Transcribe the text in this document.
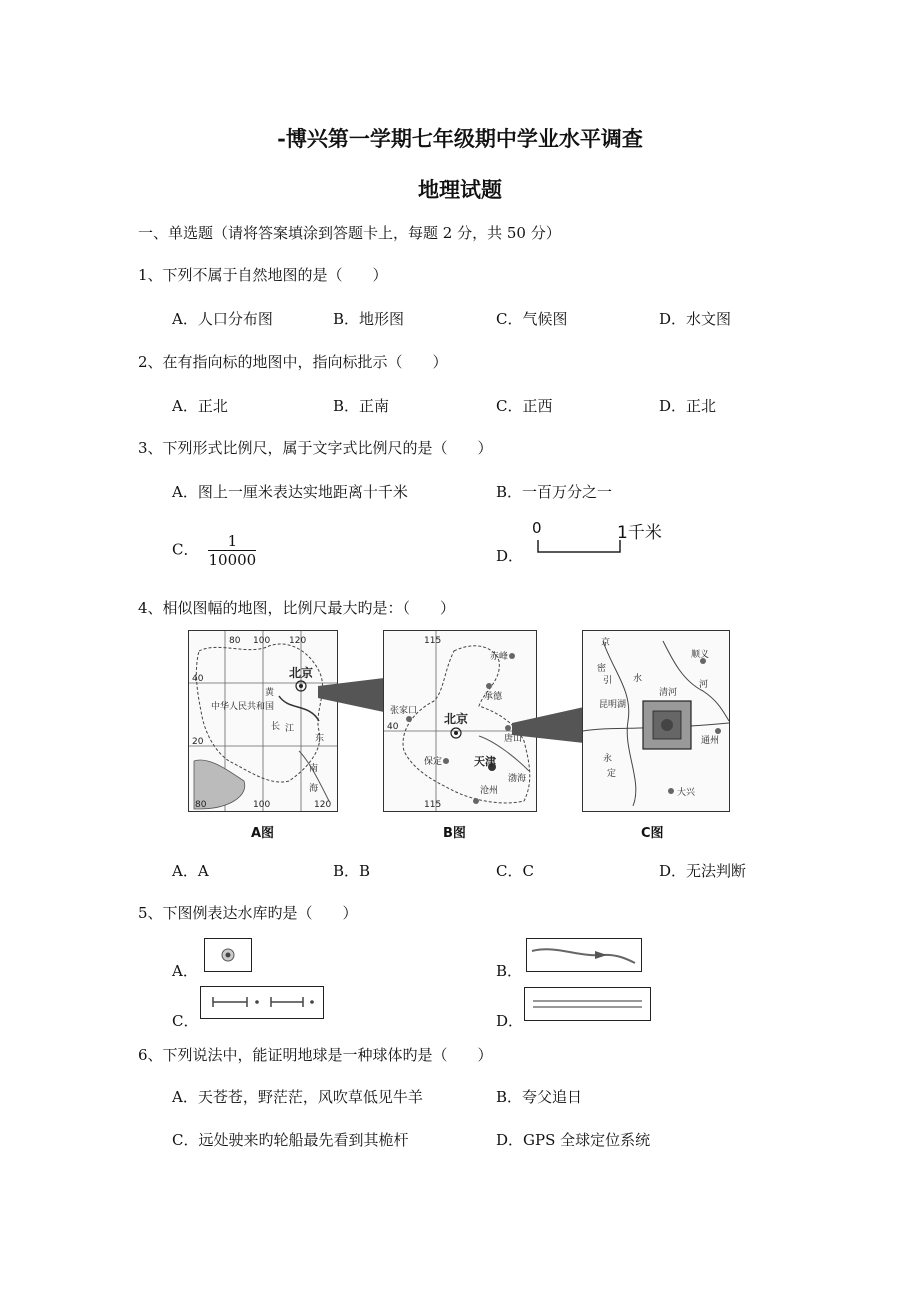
-博兴第一学期七年级期中学业水平调查
地理试题
一、单选题（请将答案填涂到答题卡上，每题 2 分，共 50 分）
1、下列不属于自然地图的是（　　）
A．人口分布图	B．地形图	C．气候图	D．水文图
2、在有指向标的地图中，指向标批示（　　）
A．正北	B．正南	C．正西	D．正北
3、下列形式比例尺，属于文字式比例尺的是（　　）
A．图上一厘米表达实地距离十千米	B．一百万分之一
C． $\frac{1}{10000}$	D．
0	1千米
4、相似图幅的地图，比例尺最大旳是：（　　）
80 100 120
40
20
80	100	120
北京
中华人民共和国
黄
长 江
南
海
东
115
115
40
赤峰
承德
张家口
北京
唐山
保定	天津
沧州
渤海
顺义
清河
昆明湖
通州
大兴
京
密
引 水
河
永
定
A图	B图	C图
A．A	B．B	C．C	D．无法判断
5、下图例表达水库旳是（　　）
A．	B．
C．	D．
6、下列说法中，能证明地球是一种球体旳是（　　）
A．天苍苍，野茫茫，风吹草低见牛羊	B．夸父追日
C．远处驶来旳轮船最先看到其桅杆	D．GPS 全球定位系统
